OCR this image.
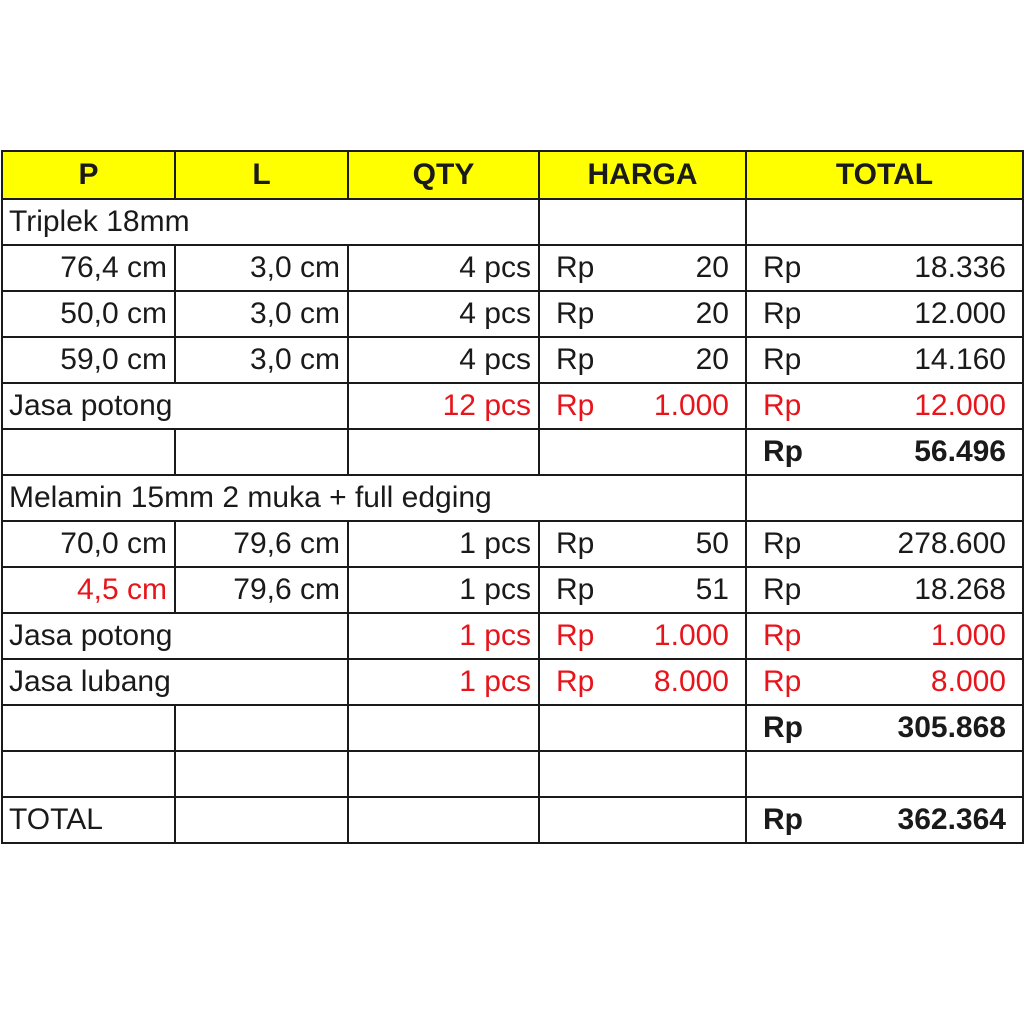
P	L	QTY	HARGA	TOTAL
Triplek 18mm				
76,4 cm	3,0 cm	4 pcs	Rp 20	Rp 18.336

50,0 cm	3,0 cm	4 pcs	Rp 20	Rp 12.000

59,0 cm	3,0 cm	4 pcs	Rp 20	Rp 14.160

Jasa potong		12 pcs	Rp 1.000	Rp 12.000

				Rp 56.496

Melamin 15mm 2 muka + full edging				
70,0 cm	79,6 cm	1 pcs	Rp 50	Rp 278.600

4,5 cm	79,6 cm	1 pcs	Rp 51	Rp 18.268

Jasa potong		1 pcs	Rp 1.000	Rp 1.000

Jasa lubang		1 pcs	Rp 8.000	Rp 8.000

				Rp 305.868

TOTAL				Rp 362.364
